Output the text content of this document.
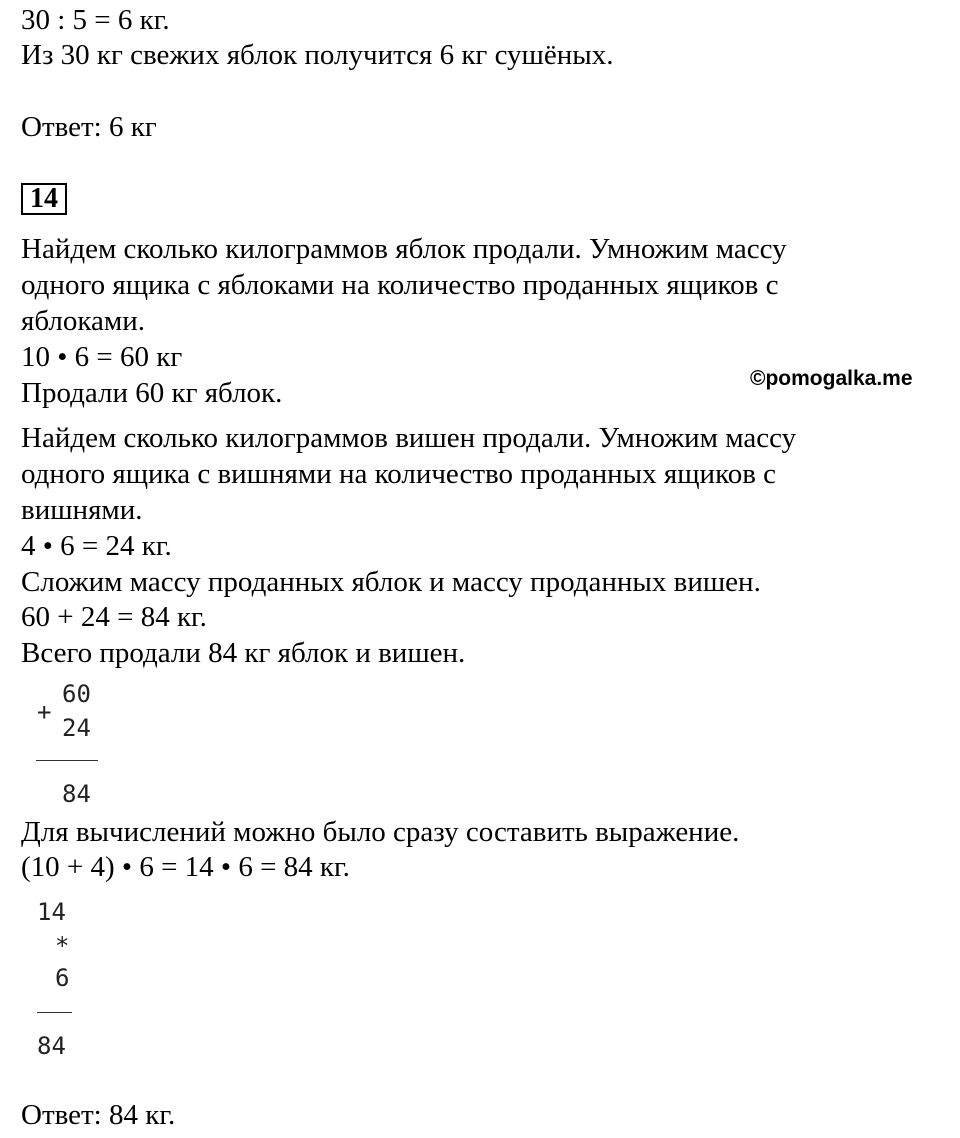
30 : 5 = 6 кг.
Из 30 кг свежих яблок получится 6 кг сушёных.
Ответ: 6 кг
14
Найдем сколько килограммов яблок продали. Умножим массу
одного ящика с яблоками на количество проданных ящиков с
яблоками.
10 • 6 = 60 кг
Продали 60 кг яблок.	©pomogalka.me
Найдем сколько килограммов вишен продали. Умножим массу
одного ящика с вишнями на количество проданных ящиков с
вишнями.
4 • 6 = 24 кг.
Сложим массу проданных яблок и массу проданных вишен.
60 + 24 = 84 кг.
Всего продали 84 кг яблок и вишен.
+
60
24
84
Для вычислений можно было сразу составить выражение.
(10 + 4) • 6 = 14 • 6 = 84 кг.
14
*
6
84
Ответ: 84 кг.
